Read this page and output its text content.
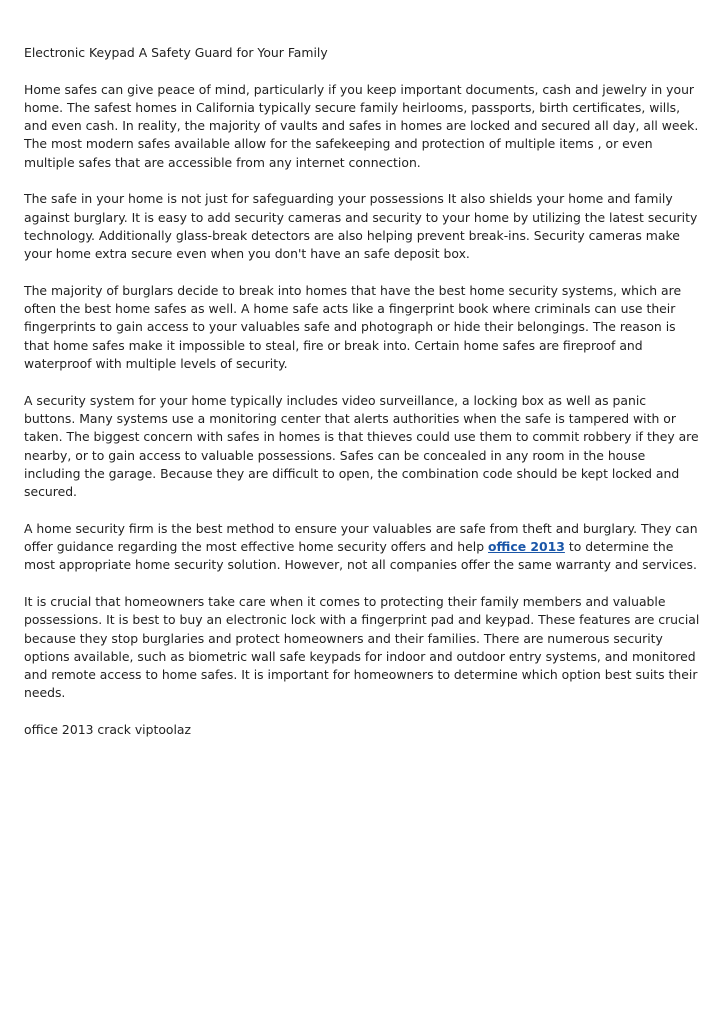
Electronic Keypad A Safety Guard for Your Family

Home safes can give peace of mind, particularly if you keep important documents, cash and jewelry in your home. The safest homes in California typically secure family heirlooms, passports, birth certificates, wills, and even cash. In reality, the majority of vaults and safes in homes are locked and secured all day, all week. The most modern safes available allow for the safekeeping and protection of multiple items , or even multiple safes that are accessible from any internet connection.

The safe in your home is not just for safeguarding your possessions It also shields your home and family against burglary. It is easy to add security cameras and security to your home by utilizing the latest security technology. Additionally glass-break detectors are also helping prevent break-ins. Security cameras make your home extra secure even when you don't have an safe deposit box.

The majority of burglars decide to break into homes that have the best home security systems, which are often the best home safes as well. A home safe acts like a fingerprint book where criminals can use their fingerprints to gain access to your valuables safe and photograph or hide their belongings. The reason is that home safes make it impossible to steal, fire or break into. Certain home safes are fireproof and waterproof with multiple levels of security.

A security system for your home typically includes video surveillance, a locking box as well as panic buttons. Many systems use a monitoring center that alerts authorities when the safe is tampered with or taken. The biggest concern with safes in homes is that thieves could use them to commit robbery if they are nearby, or to gain access to valuable possessions. Safes can be concealed in any room in the house including the garage. Because they are difficult to open, the combination code should be kept locked and secured.

A home security firm is the best method to ensure your valuables are safe from theft and burglary. They can offer guidance regarding the most effective home security offers and help office 2013 to determine the most appropriate home security solution. However, not all companies offer the same warranty and services.

It is crucial that homeowners take care when it comes to protecting their family members and valuable possessions. It is best to buy an electronic lock with a fingerprint pad and keypad. These features are crucial because they stop burglaries and protect homeowners and their families. There are numerous security options available, such as biometric wall safe keypads for indoor and outdoor entry systems, and monitored and remote access to home safes. It is important for homeowners to determine which option best suits their needs.

office 2013 crack viptoolaz
